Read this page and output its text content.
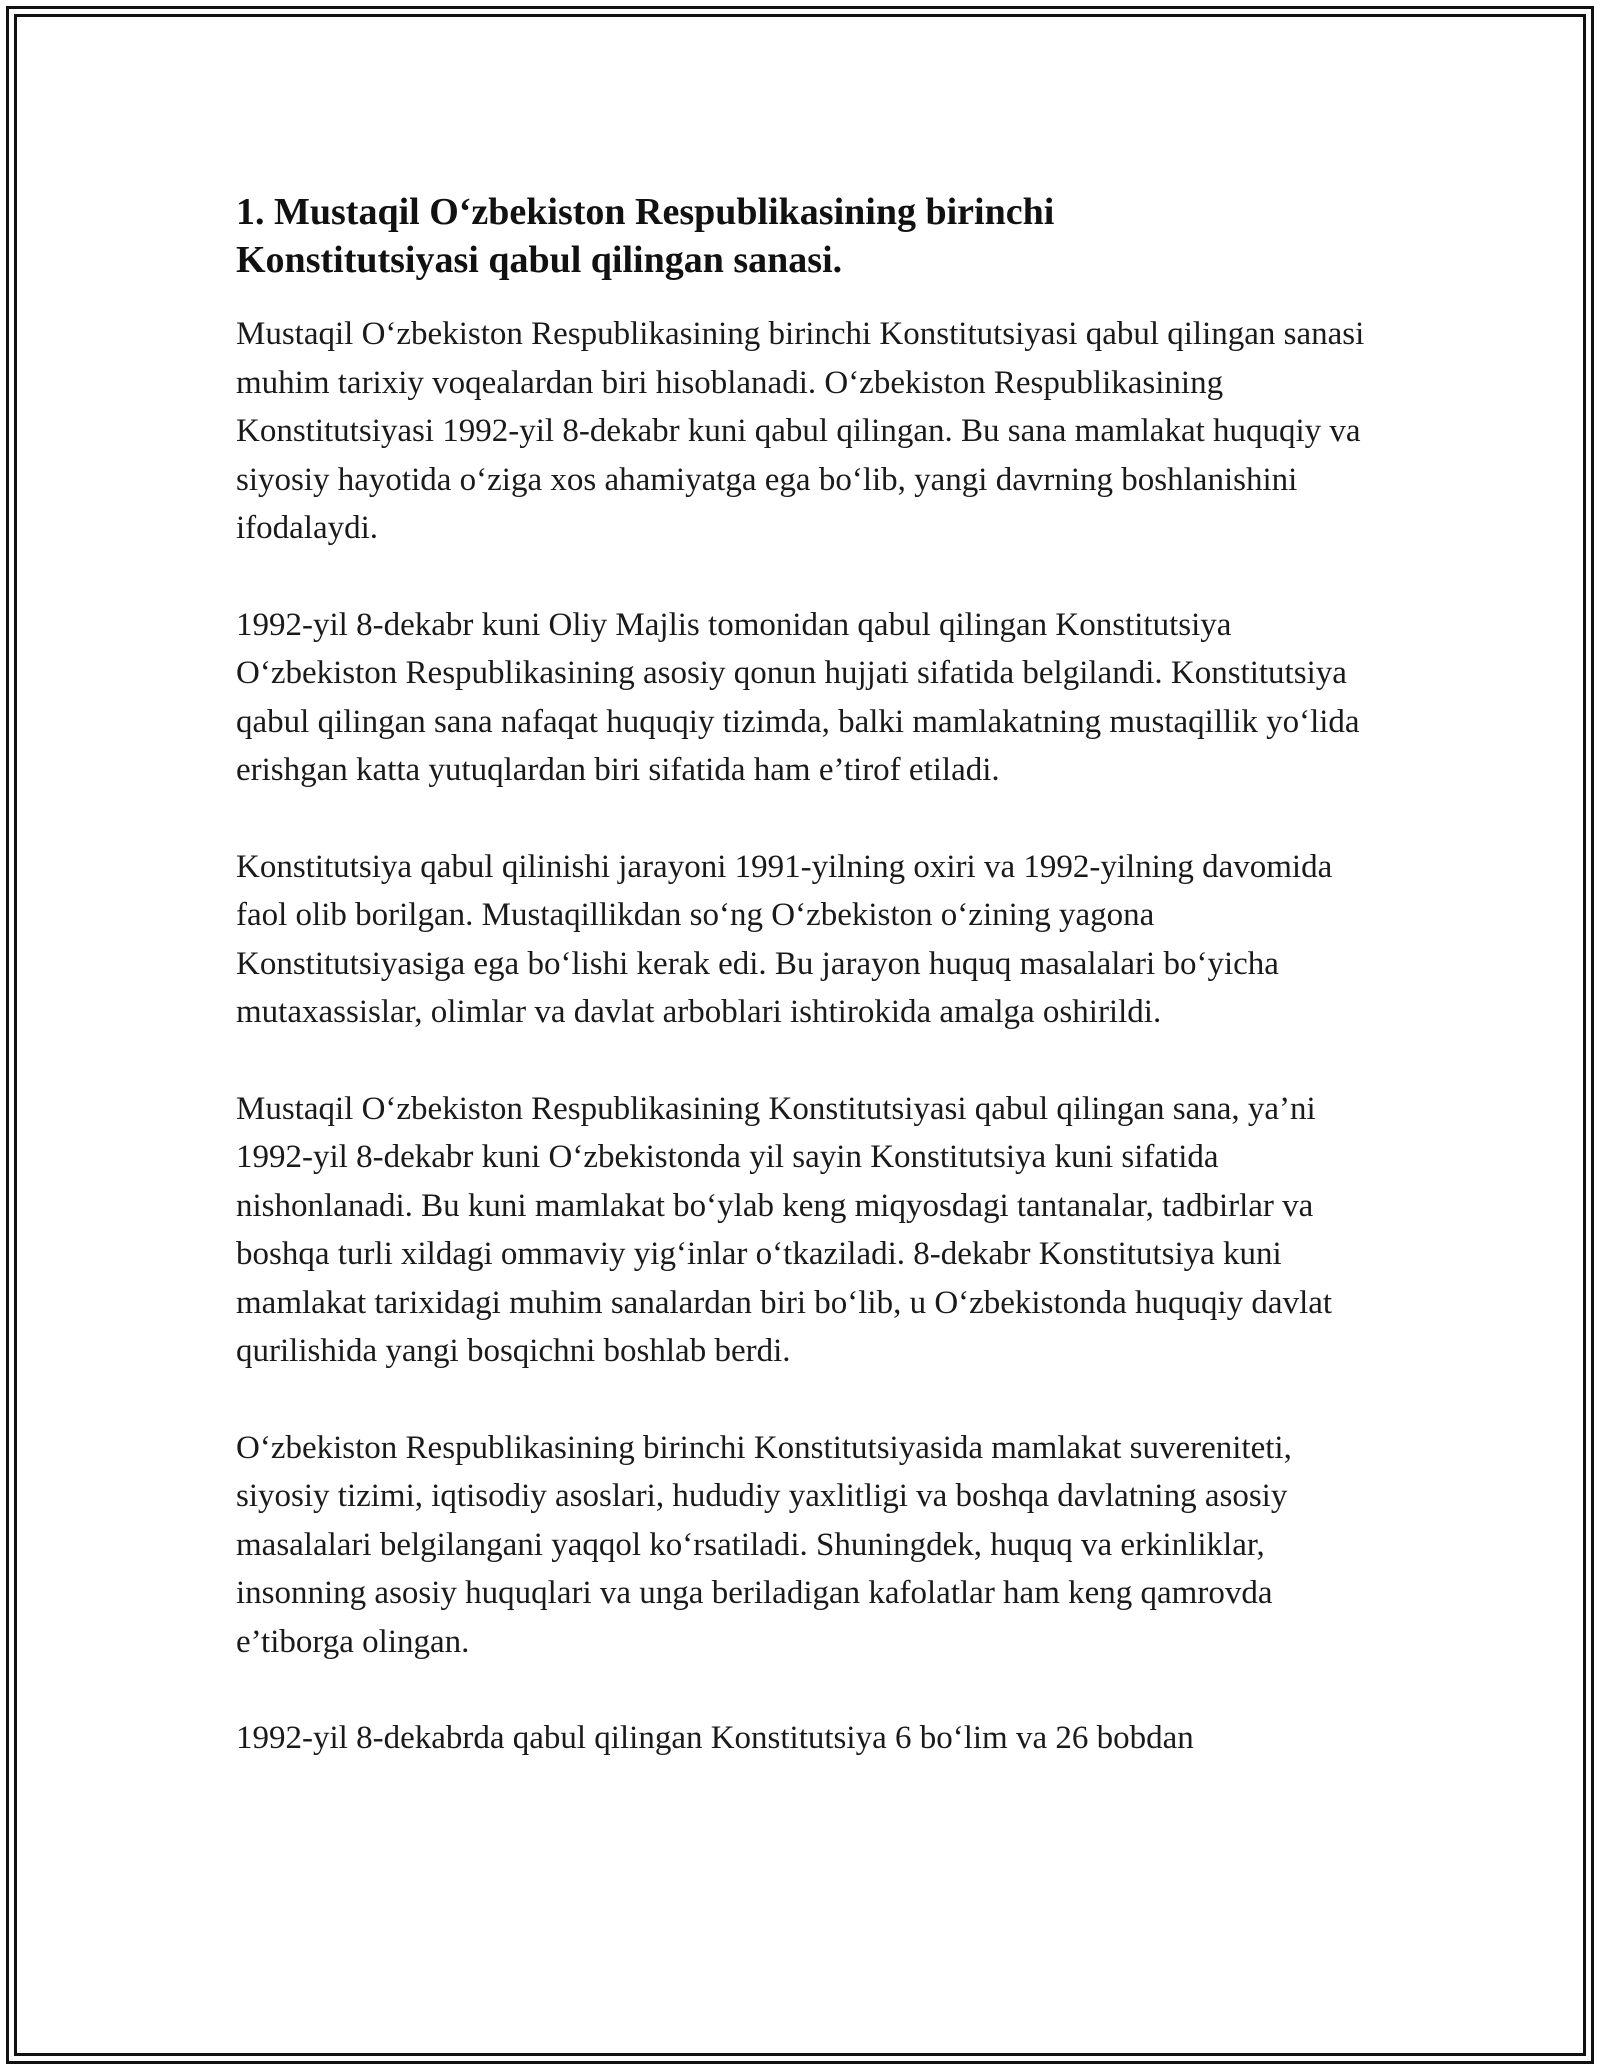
1. Mustaqil O‘zbekiston Respublikasining birinchi Konstitutsiyasi qabul qilingan sanasi.

Mustaqil O‘zbekiston Respublikasining birinchi Konstitutsiyasi qabul qilingan sanasi muhim tarixiy voqealardan biri hisoblanadi. O‘zbekiston Respublikasining Konstitutsiyasi 1992-yil 8-dekabr kuni qabul qilingan. Bu sana mamlakat huquqiy va siyosiy hayotida o‘ziga xos ahamiyatga ega bo‘lib, yangi davrning boshlanishini ifodalaydi.

1992-yil 8-dekabr kuni Oliy Majlis tomonidan qabul qilingan Konstitutsiya O‘zbekiston Respublikasining asosiy qonun hujjati sifatida belgilandi. Konstitutsiya qabul qilingan sana nafaqat huquqiy tizimda, balki mamlakatning mustaqillik yo‘lida erishgan katta yutuqlardan biri sifatida ham e’tirof etiladi.

Konstitutsiya qabul qilinishi jarayoni 1991-yilning oxiri va 1992-yilning davomida faol olib borilgan. Mustaqillikdan so‘ng O‘zbekiston o‘zining yagona Konstitutsiyasiga ega bo‘lishi kerak edi. Bu jarayon huquq masalalari bo‘yicha mutaxassislar, olimlar va davlat arboblari ishtirokida amalga oshirildi.

Mustaqil O‘zbekiston Respublikasining Konstitutsiyasi qabul qilingan sana, ya’ni 1992-yil 8-dekabr kuni O‘zbekistonda yil sayin Konstitutsiya kuni sifatida nishonlanadi. Bu kuni mamlakat bo‘ylab keng miqyosdagi tantanalar, tadbirlar va boshqa turli xildagi ommaviy yig‘inlar o‘tkaziladi. 8-dekabr Konstitutsiya kuni mamlakat tarixidagi muhim sanalardan biri bo‘lib, u O‘zbekistonda huquqiy davlat qurilishida yangi bosqichni boshlab berdi.

O‘zbekiston Respublikasining birinchi Konstitutsiyasida mamlakat suvereniteti, siyosiy tizimi, iqtisodiy asoslari, hududiy yaxlitligi va boshqa davlatning asosiy masalalari belgilangani yaqqol ko‘rsatiladi. Shuningdek, huquq va erkinliklar, insonning asosiy huquqlari va unga beriladigan kafolatlar ham keng qamrovda e’tiborga olingan.

1992-yil 8-dekabrda qabul qilingan Konstitutsiya 6 bo‘lim va 26 bobdan
